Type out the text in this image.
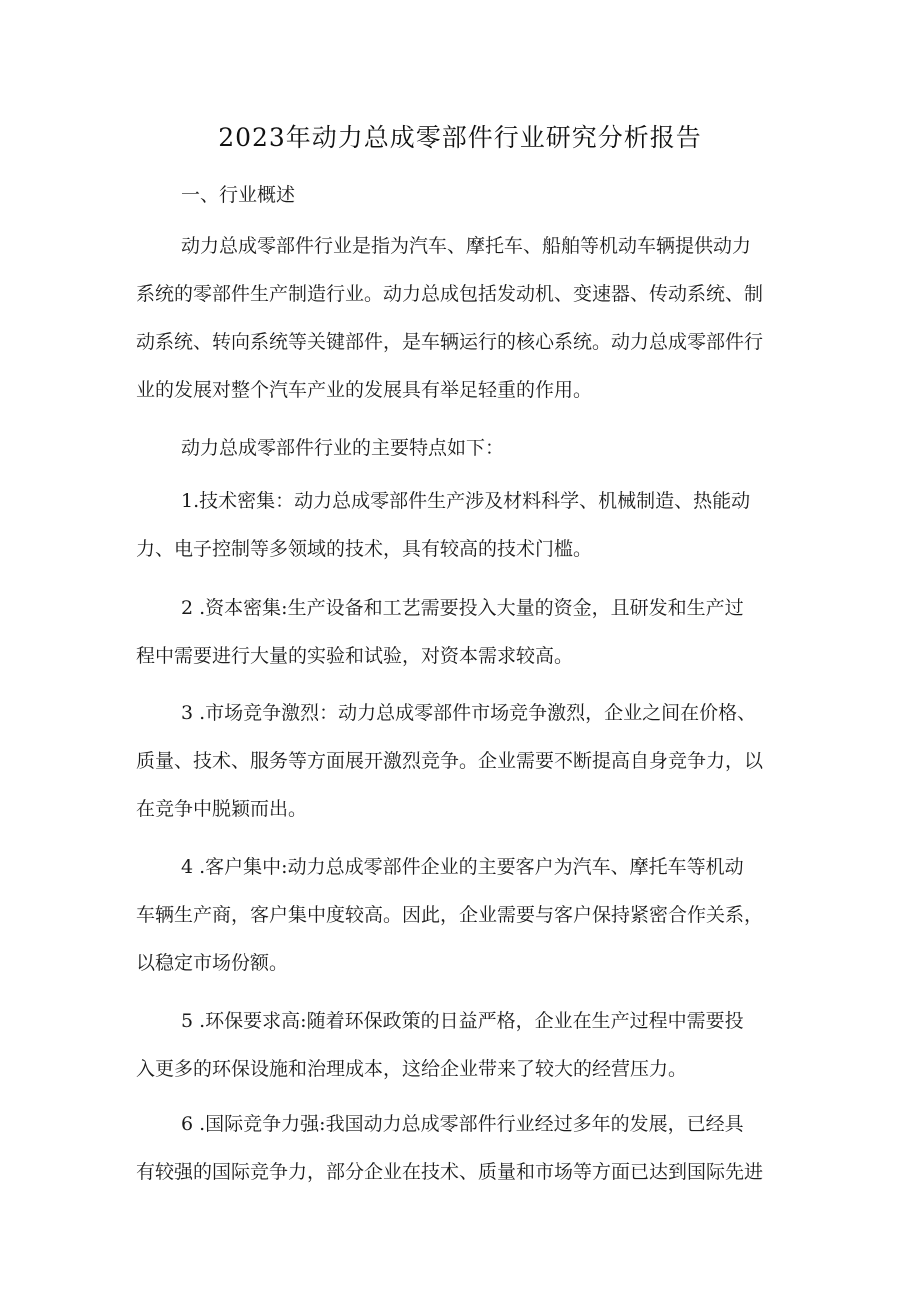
2023年动力总成零部件行业研究分析报告
一、行业概述
动力总成零部件行业是指为汽车、摩托车、船舶等机动车辆提供动力
系统的零部件生产制造行业。动力总成包括发动机、变速器、传动系统、制
动系统、转向系统等关键部件，是车辆运行的核心系统。动力总成零部件行
业的发展对整个汽车产业的发展具有举足轻重的作用。
动力总成零部件行业的主要特点如下：
1.技术密集：动力总成零部件生产涉及材料科学、机械制造、热能动
力、电子控制等多领域的技术，具有较高的技术门槛。
2 .资本密集:生产设备和工艺需要投入大量的资金，且研发和生产过
程中需要进行大量的实验和试验，对资本需求较高。
3 .市场竞争激烈：动力总成零部件市场竞争激烈，企业之间在价格、
质量、技术、服务等方面展开激烈竞争。企业需要不断提高自身竞争力，以
在竞争中脱颖而出。
4 .客户集中:动力总成零部件企业的主要客户为汽车、摩托车等机动
车辆生产商，客户集中度较高。因此，企业需要与客户保持紧密合作关系，
以稳定市场份额。
5 .环保要求高:随着环保政策的日益严格，企业在生产过程中需要投
入更多的环保设施和治理成本，这给企业带来了较大的经营压力。
6 .国际竞争力强:我国动力总成零部件行业经过多年的发展，已经具
有较强的国际竞争力，部分企业在技术、质量和市场等方面已达到国际先进
